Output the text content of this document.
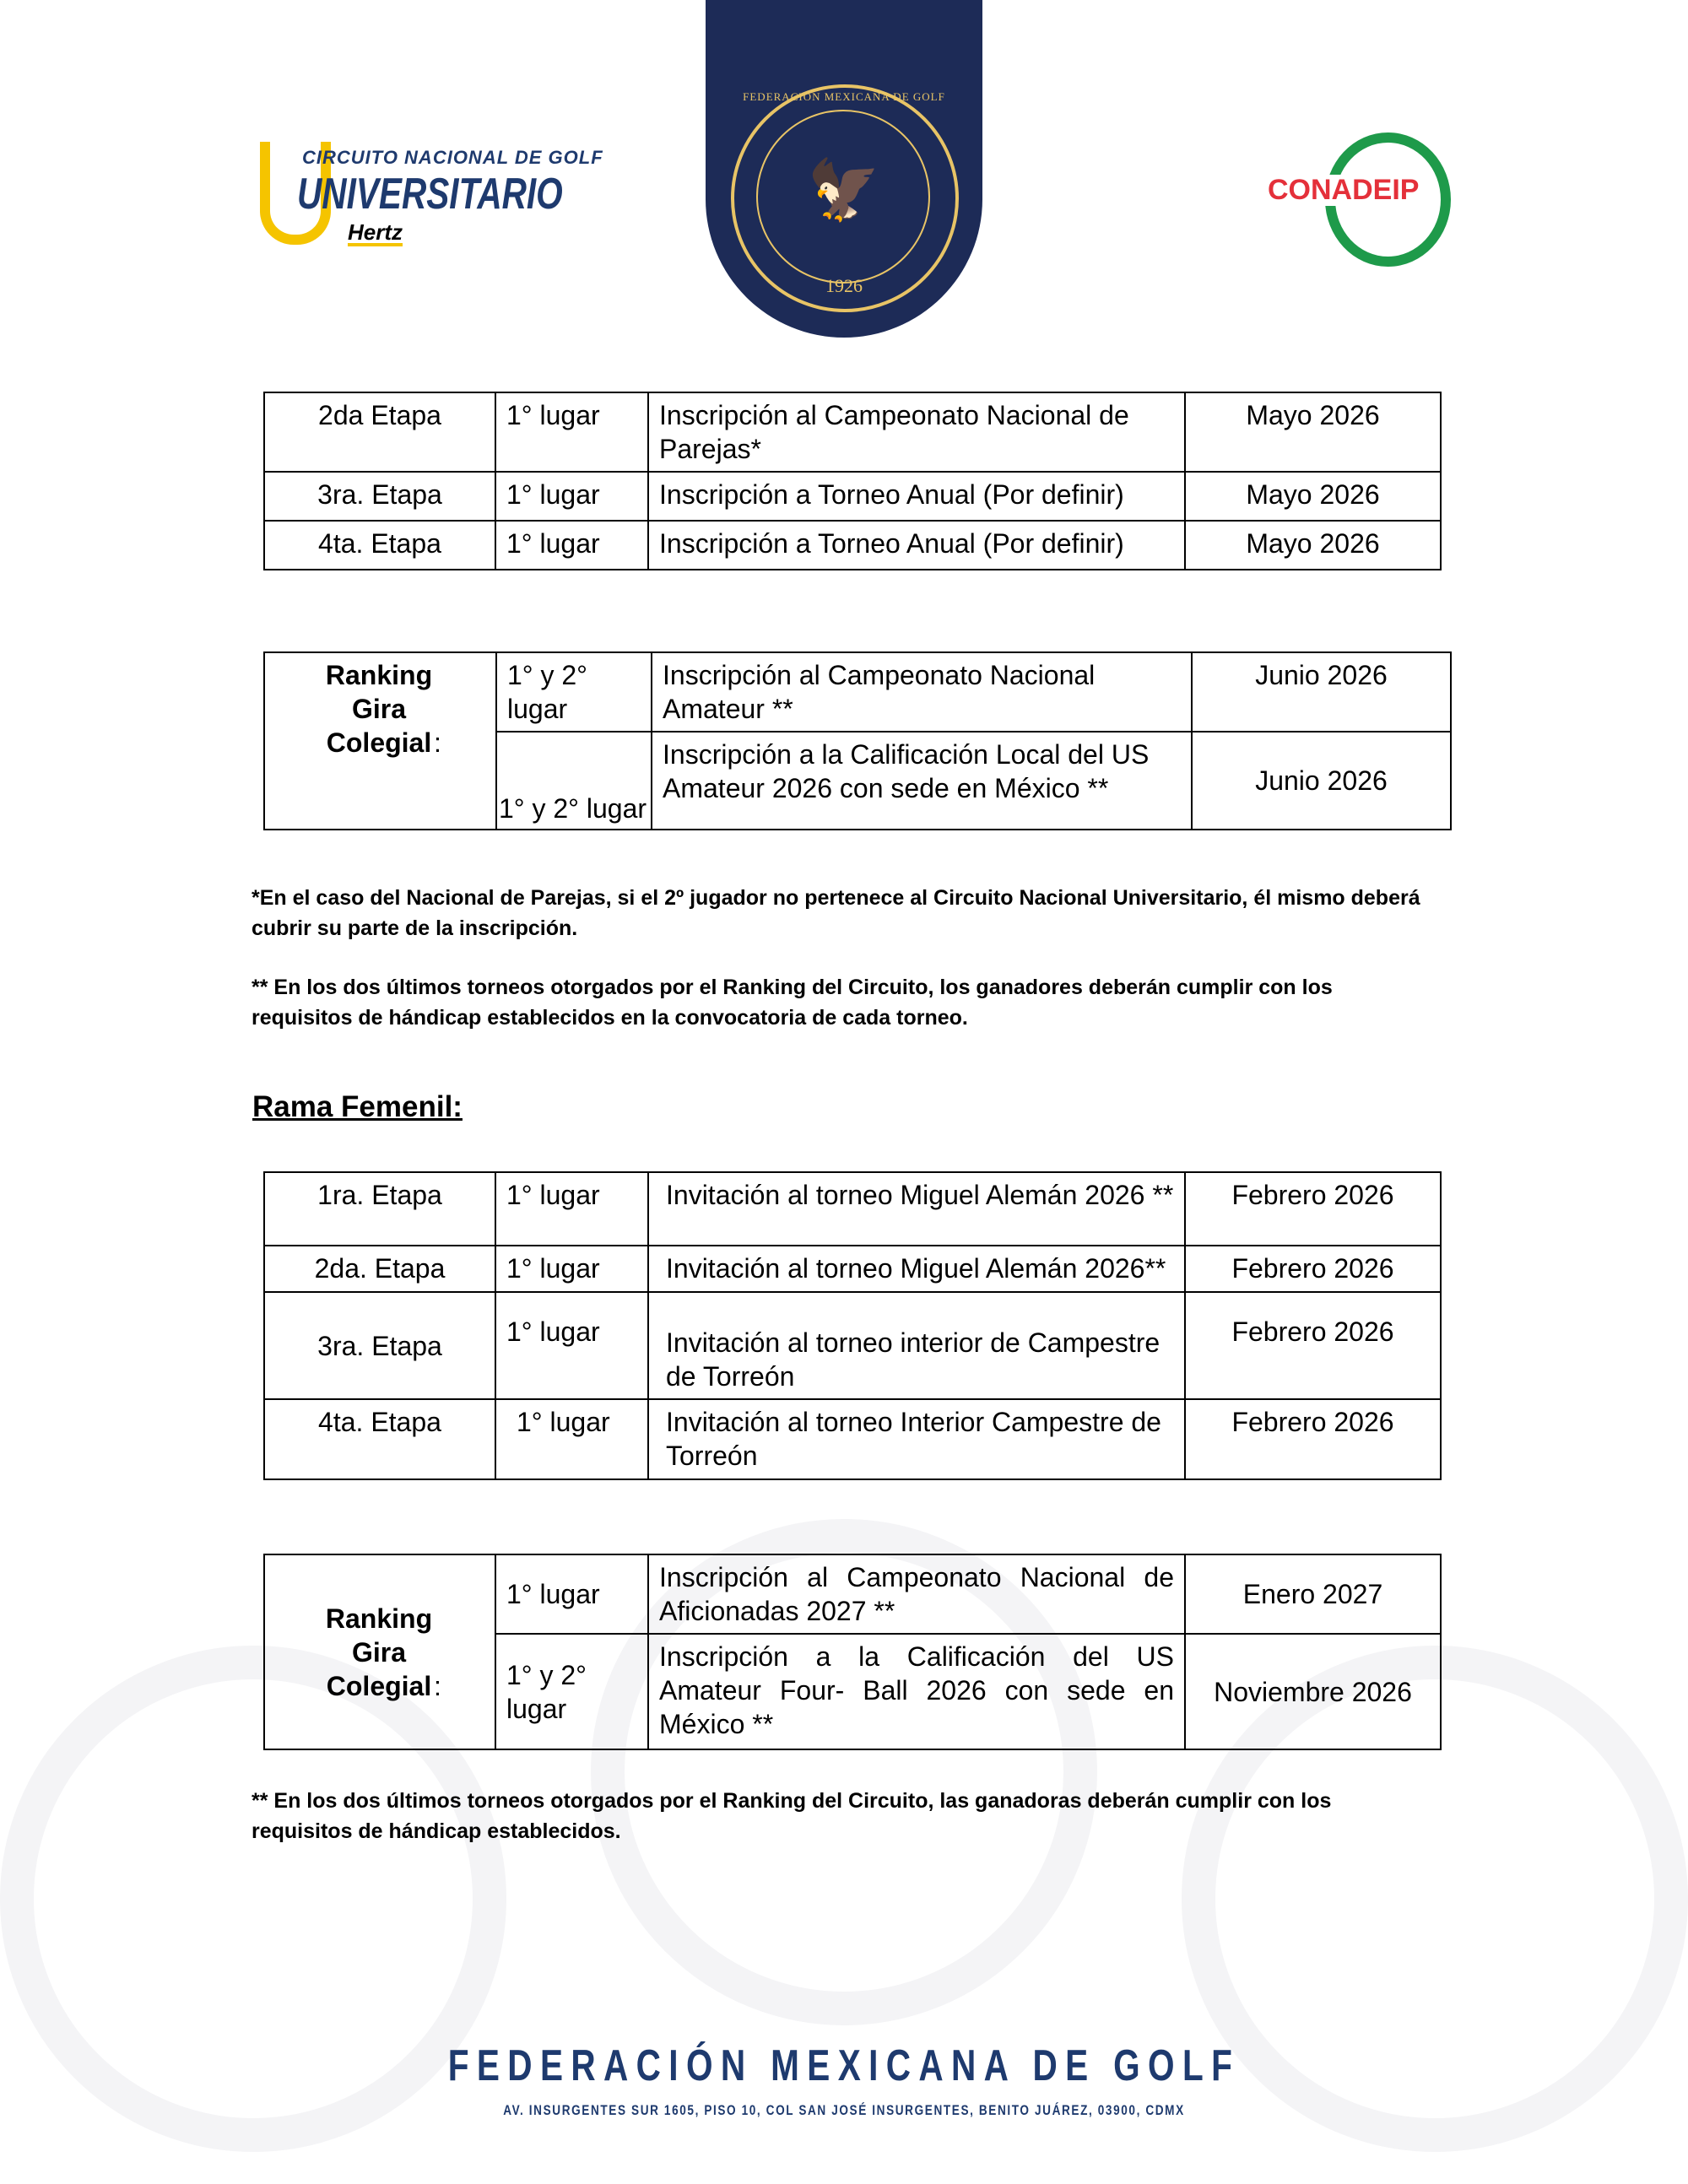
CIRCUITO NACIONAL DE GOLF
UNIVERSITARIO
Hertz
🦅
1926
FEDERACIÓN MEXICANA DE GOLF
CONADEIP
2da Etapa	1° lugar	Inscripción al Campeonato Nacional de Parejas*	Mayo 2026
3ra. Etapa	1° lugar	Inscripción a Torneo Anual (Por definir)	Mayo 2026
4ta. Etapa	1° lugar	Inscripción a Torneo Anual (Por definir)	Mayo 2026
Ranking Gira Colegial:	1° y 2° lugar	Inscripción al Campeonato Nacional Amateur **	Junio 2026
	1° y 2° lugar	Inscripción a la Calificación Local del US Amateur 2026 con sede en México **	Junio 2026
*En el caso del Nacional de Parejas, si el 2º jugador no pertenece al Circuito Nacional Universitario, él mismo deberá cubrir su parte de la inscripción.
** En los dos últimos torneos otorgados por el Ranking del Circuito, los ganadores deberán cumplir con los requisitos de hándicap establecidos en la convocatoria de cada torneo.
Rama Femenil:
1ra. Etapa	1° lugar	Invitación al torneo Miguel Alemán 2026 **	Febrero 2026
2da. Etapa	1° lugar	Invitación al torneo Miguel Alemán 2026**	Febrero 2026
3ra. Etapa	1° lugar	Invitación al torneo interior de Campestre de Torreón	Febrero 2026
4ta. Etapa	1° lugar	Invitación al torneo Interior Campestre de Torreón	Febrero 2026
Ranking Gira Colegial:	1° lugar	Inscripción al Campeonato Nacional de Aficionadas 2027 **	Enero 2027
	1° y 2° lugar	Inscripción a la Calificación del US Amateur Four- Ball 2026 con sede en México **	Noviembre 2026
** En los dos últimos torneos otorgados por el Ranking del Circuito, las ganadoras deberán cumplir con los requisitos de hándicap establecidos.
FEDERACIÓN MEXICANA DE GOLF
AV. INSURGENTES SUR 1605, PISO 10, COL SAN JOSÉ INSURGENTES, BENITO JUÁREZ, 03900, CDMX
